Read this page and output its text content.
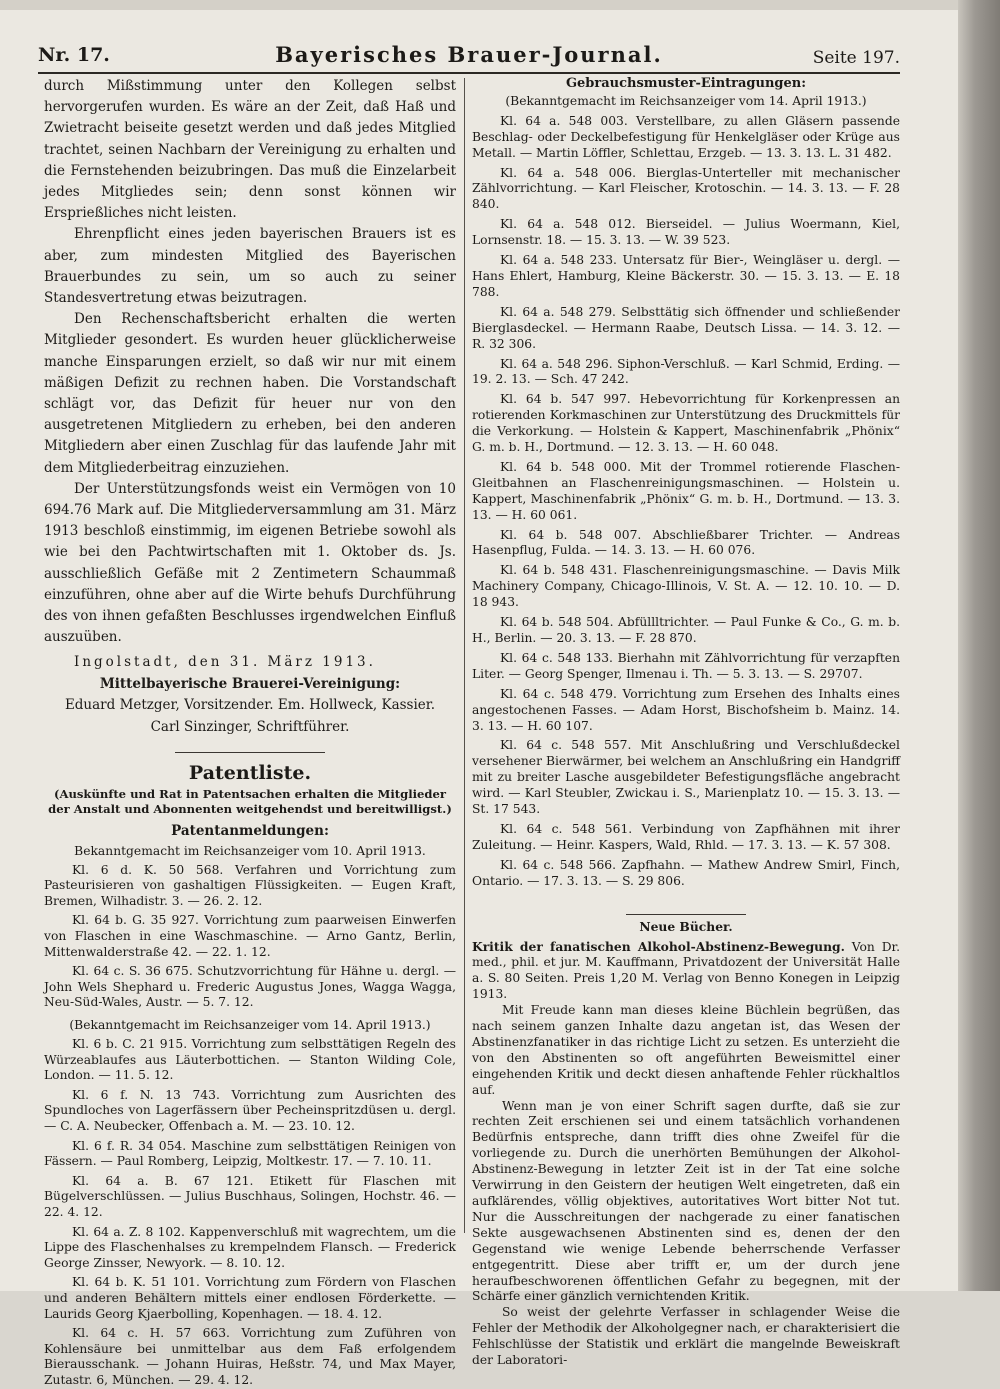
Nr. 17.	Bayerisches Brauer-Journal.	Seite 197.

durch Mißstimmung unter den Kollegen selbst hervorgerufen wurden. Es wäre an der Zeit, daß Haß und Zwietracht beiseite gesetzt werden und daß jedes Mitglied trachtet, seinen Nachbarn der Vereinigung zu erhalten und die Fernstehenden beizubringen. Das muß die Einzelarbeit jedes Mitgliedes sein; denn sonst können wir Ersprießliches nicht leisten.

Ehrenpflicht eines jeden bayerischen Brauers ist es aber, zum mindesten Mitglied des Bayerischen Brauerbundes zu sein, um so auch zu seiner Standesvertretung etwas beizutragen.

Den Rechenschaftsbericht erhalten die werten Mitglieder gesondert. Es wurden heuer glücklicherweise manche Einsparungen erzielt, so daß wir nur mit einem mäßigen Defizit zu rechnen haben. Die Vorstandschaft schlägt vor, das Defizit für heuer nur von den ausgetretenen Mitgliedern zu erheben, bei den anderen Mitgliedern aber einen Zuschlag für das laufende Jahr mit dem Mitgliederbeitrag einzuziehen.

Der Unterstützungsfonds weist ein Vermögen von 10 694.76 Mark auf. Die Mitgliederversammlung am 31. März 1913 beschloß einstimmig, im eigenen Betriebe sowohl als wie bei den Pachtwirtschaften mit 1. Oktober ds. Js. ausschließlich Gefäße mit 2 Zentimetern Schaummaß einzuführen, ohne aber auf die Wirte behufs Durchführung des von ihnen gefaßten Beschlusses irgendwelchen Einfluß auszuüben.

Ingolstadt, den 31. März 1913.

Mittelbayerische Brauerei-Vereinigung:

Eduard Metzger, Vorsitzender. Em. Hollweck, Kassier.

Carl Sinzinger, Schriftführer.

Patentliste.

(Auskünfte und Rat in Patentsachen erhalten die Mitglieder der Anstalt und Abonnenten weitgehendst und bereitwilligst.)

Patentanmeldungen:

Bekanntgemacht im Reichsanzeiger vom 10. April 1913.

Kl. 6 d. K. 50 568. Verfahren und Vorrichtung zum Pasteurisieren von gashaltigen Flüssigkeiten. — Eugen Kraft, Bremen, Wilhadistr. 3. — 26. 2. 12.

Kl. 64 b. G. 35 927. Vorrichtung zum paarweisen Einwerfen von Flaschen in eine Waschmaschine. — Arno Gantz, Berlin, Mittenwalderstraße 42. — 22. 1. 12.

Kl. 64 c. S. 36 675. Schutzvorrichtung für Hähne u. dergl. — John Wels Shephard u. Frederic Augustus Jones, Wagga Wagga, Neu-Süd-Wales, Austr. — 5. 7. 12.

(Bekanntgemacht im Reichsanzeiger vom 14. April 1913.)

Kl. 6 b. C. 21 915. Vorrichtung zum selbsttätigen Regeln des Würzeablaufes aus Läuterbottichen. — Stanton Wilding Cole, London. — 11. 5. 12.

Kl. 6 f. N. 13 743. Vorrichtung zum Ausrichten des Spundloches von Lagerfässern über Pecheinspritzdüsen u. dergl. — C. A. Neubecker, Offenbach a. M. — 23. 10. 12.

Kl. 6 f. R. 34 054. Maschine zum selbsttätigen Reinigen von Fässern. — Paul Romberg, Leipzig, Moltkestr. 17. — 7. 10. 11.

Kl. 64 a. B. 67 121. Etikett für Flaschen mit Bügelverschlüssen. — Julius Buschhaus, Solingen, Hochstr. 46. — 22. 4. 12.

Kl. 64 a. Z. 8 102. Kappenverschluß mit wagrechtem, um die Lippe des Flaschenhalses zu krempelndem Flansch. — Frederick George Zinsser, Newyork. — 8. 10. 12.

Kl. 64 b. K. 51 101. Vorrichtung zum Fördern von Flaschen und anderen Behältern mittels einer endlosen Förderkette. — Laurids Georg Kjaerbolling, Kopenhagen. — 18. 4. 12.

Kl. 64 c. H. 57 663. Vorrichtung zum Zuführen von Kohlensäure bei unmittelbar aus dem Faß erfolgendem Bierausschank. — Johann Huiras, Heßstr. 74, und Max Mayer, Zutastr. 6, München. — 29. 4. 12.

Gebrauchsmuster-Eintragungen:

(Bekanntgemacht im Reichsanzeiger vom 14. April 1913.)

Kl. 64 a. 548 003. Verstellbare, zu allen Gläsern passende Beschlag- oder Deckelbefestigung für Henkelgläser oder Krüge aus Metall. — Martin Löffler, Schlettau, Erzgeb. — 13. 3. 13. L. 31 482.

Kl. 64 a. 548 006. Bierglas-Unterteller mit mechanischer Zählvorrichtung. — Karl Fleischer, Krotoschin. — 14. 3. 13. — F. 28 840.

Kl. 64 a. 548 012. Bierseidel. — Julius Woermann, Kiel, Lornsenstr. 18. — 15. 3. 13. — W. 39 523.

Kl. 64 a. 548 233. Untersatz für Bier-, Weingläser u. dergl. — Hans Ehlert, Hamburg, Kleine Bäckerstr. 30. — 15. 3. 13. — E. 18 788.

Kl. 64 a. 548 279. Selbsttätig sich öffnender und schließender Bierglasdeckel. — Hermann Raabe, Deutsch Lissa. — 14. 3. 12. — R. 32 306.

Kl. 64 a. 548 296. Siphon-Verschluß. — Karl Schmid, Erding. — 19. 2. 13. — Sch. 47 242.

Kl. 64 b. 547 997. Hebevorrichtung für Korkenpressen an rotierenden Korkmaschinen zur Unterstützung des Druckmittels für die Verkorkung. — Holstein & Kappert, Maschinenfabrik „Phönix“ G. m. b. H., Dortmund. — 12. 3. 13. — H. 60 048.

Kl. 64 b. 548 000. Mit der Trommel rotierende Flaschen-Gleitbahnen an Flaschenreinigungsmaschinen. — Holstein u. Kappert, Maschinenfabrik „Phönix“ G. m. b. H., Dortmund. — 13. 3. 13. — H. 60 061.

Kl. 64 b. 548 007. Abschließbarer Trichter. — Andreas Hasenpflug, Fulda. — 14. 3. 13. — H. 60 076.

Kl. 64 b. 548 431. Flaschenreinigungsmaschine. — Davis Milk Machinery Company, Chicago-Illinois, V. St. A. — 12. 10. 10. — D. 18 943.

Kl. 64 b. 548 504. Abfüllltrichter. — Paul Funke & Co., G. m. b. H., Berlin. — 20. 3. 13. — F. 28 870.

Kl. 64 c. 548 133. Bierhahn mit Zählvorrichtung für verzapften Liter. — Georg Spenger, Ilmenau i. Th. — 5. 3. 13. — S. 29707.

Kl. 64 c. 548 479. Vorrichtung zum Ersehen des Inhalts eines angestochenen Fasses. — Adam Horst, Bischofsheim b. Mainz. 14. 3. 13. — H. 60 107.

Kl. 64 c. 548 557. Mit Anschlußring und Verschlußdeckel versehener Bierwärmer, bei welchem an Anschlußring ein Handgriff mit zu breiter Lasche ausgebildeter Befestigungsfläche angebracht wird. — Karl Steubler, Zwickau i. S., Marienplatz 10. — 15. 3. 13. — St. 17 543.

Kl. 64 c. 548 561. Verbindung von Zapfhähnen mit ihrer Zuleitung. — Heinr. Kaspers, Wald, Rhld. — 17. 3. 13. — K. 57 308.

Kl. 64 c. 548 566. Zapfhahn. — Mathew Andrew Smirl, Finch, Ontario. — 17. 3. 13. — S. 29 806.

Neue Bücher.

Kritik der fanatischen Alkohol-Abstinenz-Bewegung. Von Dr. med., phil. et jur. M. Kauffmann, Privatdozent der Universität Halle a. S. 80 Seiten. Preis 1,20 M. Verlag von Benno Konegen in Leipzig 1913.

Mit Freude kann man dieses kleine Büchlein begrüßen, das nach seinem ganzen Inhalte dazu angetan ist, das Wesen der Abstinenzfanatiker in das richtige Licht zu setzen. Es unterzieht die von den Abstinenten so oft angeführten Beweismittel einer eingehenden Kritik und deckt diesen anhaftende Fehler rückhaltlos auf.

Wenn man je von einer Schrift sagen durfte, daß sie zur rechten Zeit erschienen sei und einem tatsächlich vorhandenen Bedürfnis entspreche, dann trifft dies ohne Zweifel für die vorliegende zu. Durch die unerhörten Bemühungen der Alkohol-Abstinenz-Bewegung in letzter Zeit ist in der Tat eine solche Verwirrung in den Geistern der heutigen Welt eingetreten, daß ein aufklärendes, völlig objektives, autoritatives Wort bitter Not tut. Nur die Ausschreitungen der nachgerade zu einer fanatischen Sekte ausgewachsenen Abstinenten sind es, denen der den Gegenstand wie wenige Lebende beherrschende Verfasser entgegentritt. Diese aber trifft er, um der durch jene heraufbeschworenen öffentlichen Gefahr zu begegnen, mit der Schärfe einer gänzlich vernichtenden Kritik.

So weist der gelehrte Verfasser in schlagender Weise die Fehler der Methodik der Alkoholgegner nach, er charakterisiert die Fehlschlüsse der Statistik und erklärt die mangelnde Beweiskraft der Laboratori-
